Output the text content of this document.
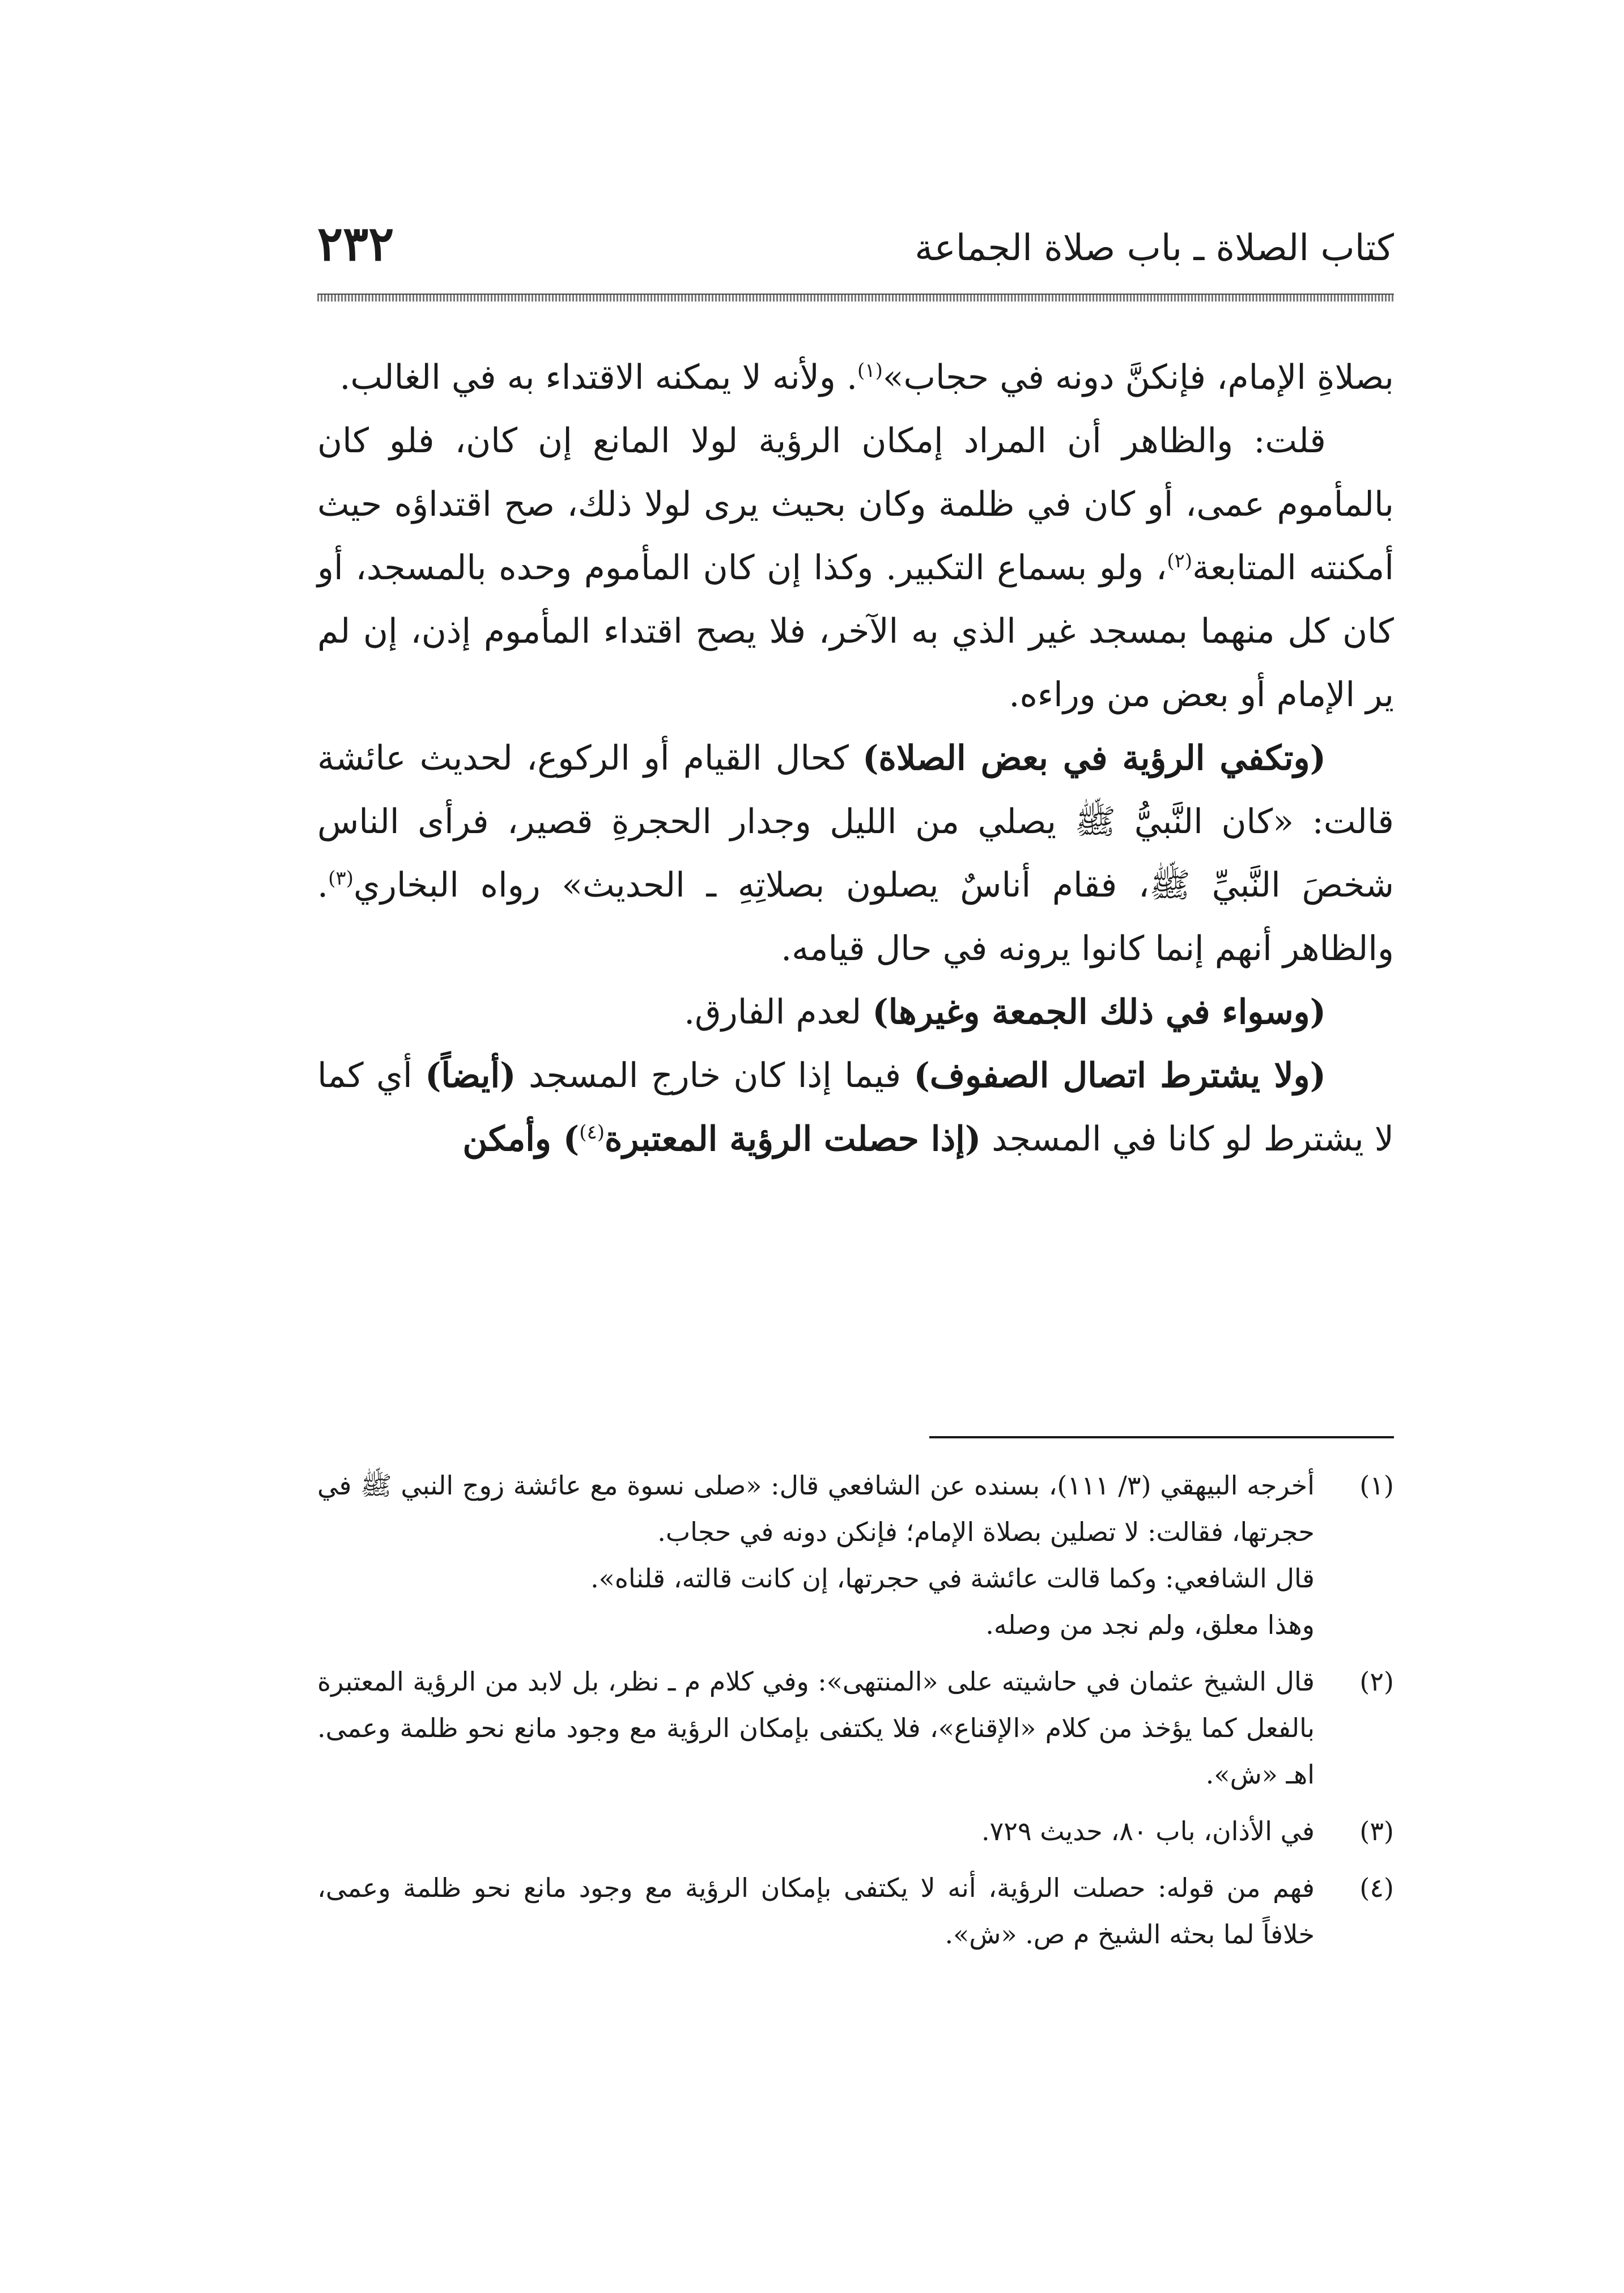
كتاب الصلاة ـ باب صلاة الجماعة
٢٣٢

بصلاةِ الإمام، فإنكنَّ دونه في حجاب»$^{(١)}$. ولأنه لا يمكنه الاقتداء به في الغالب.

قلت: والظاهر أن المراد إمكان الرؤية لولا المانع إن كان، فلو كان بالمأموم عمى، أو كان في ظلمة وكان بحيث يرى لولا ذلك، صح اقتداؤه حيث أمكنته المتابعة$^{(٢)}$، ولو بسماع التكبير. وكذا إن كان المأموم وحده بالمسجد، أو كان كل منهما بمسجد غير الذي به الآخر، فلا يصح اقتداء المأموم إذن، إن لم ير الإمام أو بعض من وراءه.

(وتكفي الرؤية في بعض الصلاة) كحال القيام أو الركوع، لحديث عائشة قالت: «كان النَّبيُّ ﷺ يصلي من الليل وجدار الحجرةِ قصير، فرأى الناس شخصَ النَّبيِّ ﷺ، فقام أناسٌ يصلون بصلاتِهِ ـ الحديث» رواه البخاري$^{(٣)}$. والظاهر أنهم إنما كانوا يرونه في حال قيامه.

(وسواء في ذلك الجمعة وغيرها) لعدم الفارق.

(ولا يشترط اتصال الصفوف) فيما إذا كان خارج المسجد (أيضاً) أي كما لا يشترط لو كانا في المسجد (إذا حصلت الرؤية المعتبرة$^{(٤)}$) وأمكن

(١)

أخرجه البيهقي (٣/ ١١١)، بسنده عن الشافعي قال: «صلى نسوة مع عائشة زوج النبي ﷺ في حجرتها، فقالت: لا تصلين بصلاة الإمام؛ فإنكن دونه في حجاب.

قال الشافعي: وكما قالت عائشة في حجرتها، إن كانت قالته، قلناه».

وهذا معلق، ولم نجد من وصله.

(٢)

قال الشيخ عثمان في حاشيته على «المنتهى»: وفي كلام م ـ نظر، بل لابد من الرؤية المعتبرة بالفعل كما يؤخذ من كلام «الإقناع»، فلا يكتفى بإمكان الرؤية مع وجود مانع نحو ظلمة وعمى. اهـ «ش».

(٣)

في الأذان، باب ٨٠، حديث ٧٢٩.

(٤)

فهم من قوله: حصلت الرؤية، أنه لا يكتفى بإمكان الرؤية مع وجود مانع نحو ظلمة وعمى، خلافاً لما بحثه الشيخ م ص. «ش».
